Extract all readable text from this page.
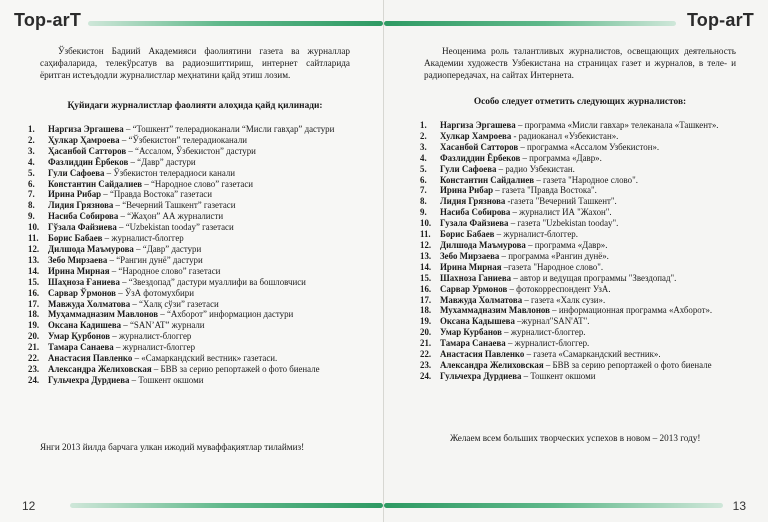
Top-arT

Ўзбекистон Бадиий Академияси фаолиятини газета ва журналлар саҳифаларида, телекўрсатув ва радиоэшиттириш, интернет сайтларида ёритган истеъдодли журналистлар меҳнатини қайд этиш лозим.

Қуйидаги журналистлар фаолияти алоҳида қайд қилинади:

1.	Наргиза Эргашева – “Тошкент” телерадиоканали “Мисли гавҳар” дастури
2.	Ҳулкар Ҳамроева – “Ўзбекистон” телерадиоканали
3.	Ҳасанбой Сатторов – “Ассалом, Ўзбекистон” дастури
4.	Фазлиддин Ёрбеков – “Давр” дастури
5.	Гули Сафоева – Ўзбекистон телерадиоси канали
6.	Константин Сайдалиев – “Народное слово” газетаси
7.	Ирина Рибар – “Правда Востока” газетаси
8.	Лидия Грязнова – “Вечерний Ташкент” газетаси
9.	Насиба Собирова – “Жаҳон” АА журналисти
10.	Гўзала Файзиева – “Uzbekistan tooday” газетаси
11.	Борис Бабаев – журналист-блоггер
12.	Дилшода Маъмурова – “Давр” дастури
13.	Зебо Мирзаева – “Рангин дунё” дастури
14.	Ирина Мирная – “Народное слово” газетаси
15.	Шаҳноза Ғаниева – “Звездопад” дастури муаллифи ва бошловчиси
16.	Сарвар Ўрмонов – ЎзА фотомухбири
17.	Мавжуда Холматова – “Халқ сўзи” газетаси
18.	Муҳаммадназим Мавлонов – “Ахборот” информацион дастури
19.	Оксана Кадишева – “SAN’AT” журнали
20.	Умар Қурбонов – журналист-блоггер
21.	Тамара Санаева – журналист-блоггер
22.	Анастасия Павленко – «Самаркандский вестник» газетаси.
23.	Александра Желиховская – БВВ за серию репортажей о фото биенале
24.	Гульчехра Дурдиева – Тошкент окшоми

Янги 2013 йилда барчага улкан ижодий муваффақиятлар тилаймиз!

12
Top-arT

Неоценима роль талантливых журналистов, освещающих деятельность Академии художеств Узбекистана на страницах газет и журналов, в теле- и радиопередачах, на сайтах Интернета.

Особо следует отметить следующих журналистов:

1.	Наргиза Эргашева – программа «Мисли гавхар» телеканала «Ташкент».
2.	Хулкар Хамроева - радиоканал «Узбекистан».
3.	Хасанбой Сатторов – программа «Ассалом Узбекистон».
4.	Фазлиддин Ёрбеков – программа «Давр».
5.	Гули Сафоева – радио Узбекистан.
6.	Константин Сайдалиев – газета "Народное слово".
7.	Ирина Рибар – газета "Правда Востока".
8.	Лидия Грязнова -газета "Вечерний Ташкент".
9.	Насиба Собирова – журналист ИА "Жахон".
10.	Гузала Файзиева – газета "Uzbekistan tooday".
11.	Борис Бабаев – журналист-блоггер.
12.	Дилшода Маъмурова – программа «Давр».
13.	Зебо Мирзаева – программа «Рангин дунё».
14.	Ирина Мирная –газета "Народное слово".
15.	Шахноза Ганиева – автор и ведущая программы "Звездопад".
16.	Сарвар Урмонов – фотокорреспондент УзА.
17.	Мавжуда Холматова – газета «Халк сузи».
18.	Мухаммадназим Мавлонов – информационная программа «Ахборот».
19.	Оксана Кадышева –журнал"SAN'AT".
20.	Умар Курбанов – журналист-блоггер.
21.	Тамара Санаева – журналист-блоггер.
22.	Анастасия Павленко – газета «Самаркандский вестник».
23.	Александра Желиховская – БВВ за серию репортажей о фото биенале
24.	Гульчехра Дурдиева – Тошкент окшоми

Желаем всем больших творческих успехов в новом – 2013 году!

13
